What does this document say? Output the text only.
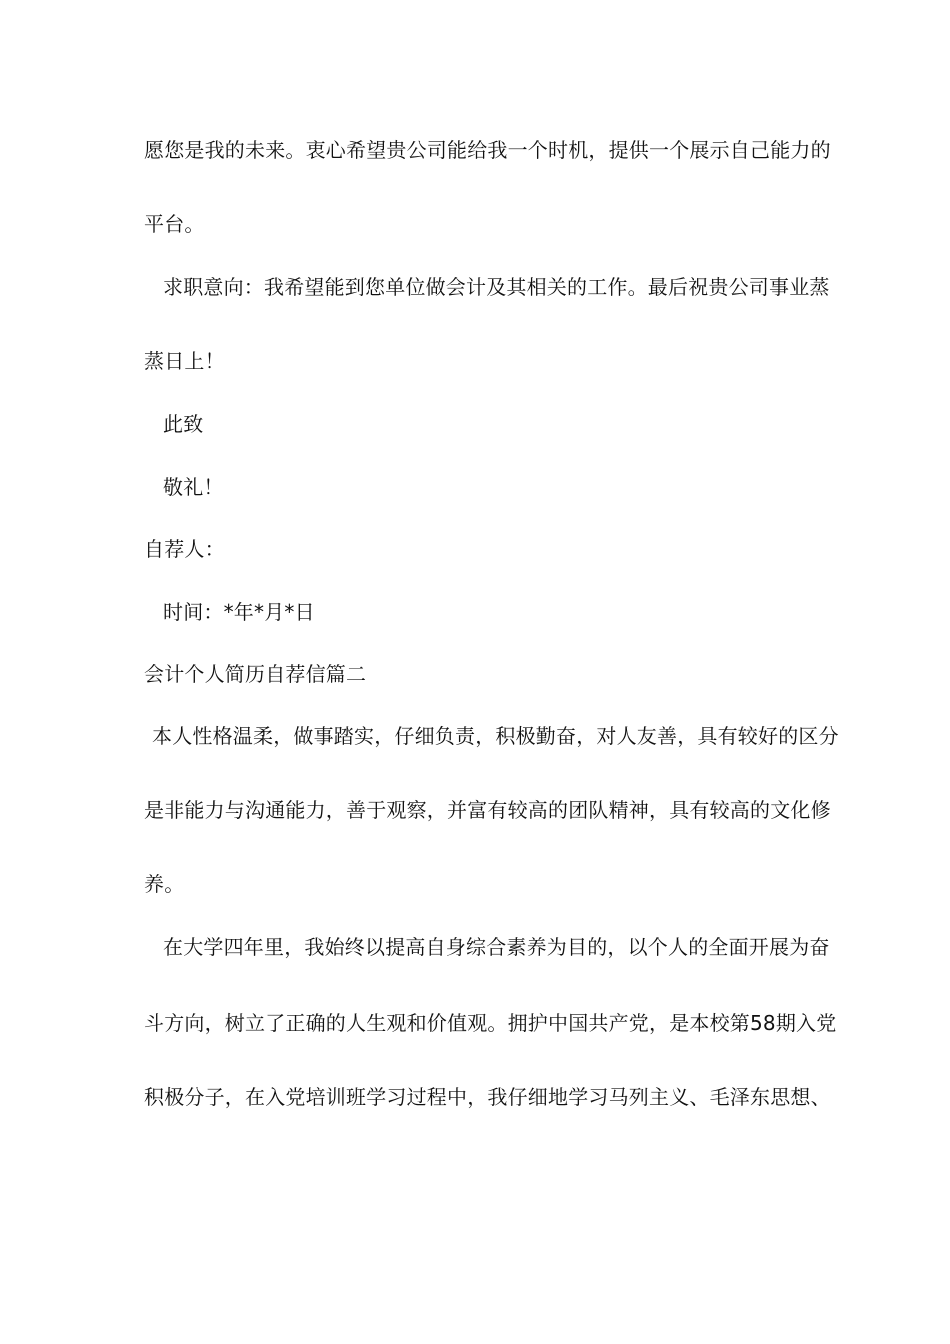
愿您是我的未来。衷心希望贵公司能给我一个时机，提供一个展示自己能力的
平台。
求职意向：我希望能到您单位做会计及其相关的工作。最后祝贵公司事业蒸
蒸日上！
此致
敬礼！
自荐人：
时间：*年*月*日
会计个人简历自荐信篇二
本人性格温柔，做事踏实，仔细负责，积极勤奋，对人友善，具有较好的区分
是非能力与沟通能力，善于观察，并富有较高的团队精神，具有较高的文化修
养。
在大学四年里，我始终以提高自身综合素养为目的，以个人的全面开展为奋
斗方向，树立了正确的人生观和价值观。拥护中国共产党，是本校第58期入党
积极分子，在入党培训班学习过程中，我仔细地学习马列主义、毛泽东思想、
